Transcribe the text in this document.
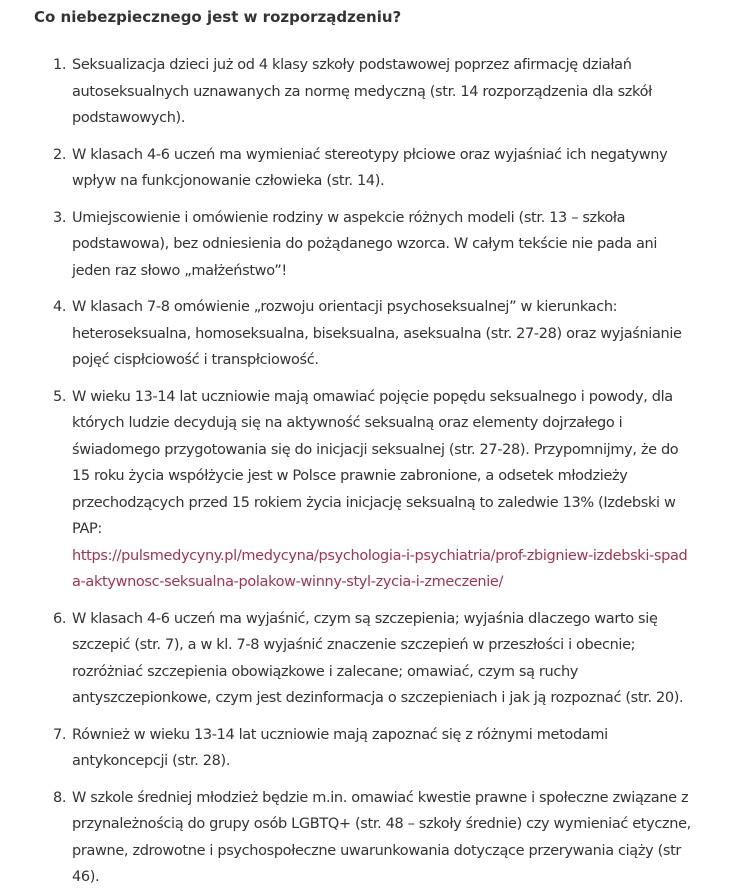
Co niebezpiecznego jest w rozporządzeniu?
1. Seksualizacja dzieci już od 4 klasy szkoły podstawowej poprzez afirmację działań autoseksualnych uznawanych za normę medyczną (str. 14 rozporządzenia dla szkół podstawowych).
2. W klasach 4-6 uczeń ma wymieniać stereotypy płciowe oraz wyjaśniać ich negatywny wpływ na funkcjonowanie człowieka (str. 14).
3. Umiejscowienie i omówienie rodziny w aspekcie różnych modeli (str. 13 – szkoła podstawowa), bez odniesienia do pożądanego wzorca. W całym tekście nie pada ani jeden raz słowo „małżeństwo”!
4. W klasach 7-8 omówienie „rozwoju orientacji psychoseksualnej” w kierunkach: heteroseksualna, homoseksualna, biseksualna, aseksualna (str. 27-28) oraz wyjaśnianie pojęć cispłciowość i transpłciowość.
5. W wieku 13-14 lat uczniowie mają omawiać pojęcie popędu seksualnego i powody, dla których ludzie decydują się na aktywność seksualną oraz elementy dojrzałego i świadomego przygotowania się do inicjacji seksualnej (str. 27-28). Przypomnijmy, że do 15 roku życia współżycie jest w Polsce prawnie zabronione, a odsetek młodzieży przechodzących przed 15 rokiem życia inicjację seksualną to zaledwie 13% (Izdebski w PAP:
https://pulsmedycyny.pl/medycyna/psychologia-i-psychiatria/prof-zbigniew-izdebski-spada-aktywnosc-seksualna-polakow-winny-styl-zycia-i-zmeczenie/
6. W klasach 4-6 uczeń ma wyjaśnić, czym są szczepienia; wyjaśnia dlaczego warto się szczepić (str. 7), a w kl. 7-8 wyjaśnić znaczenie szczepień w przeszłości i obecnie; rozróżniać szczepienia obowiązkowe i zalecane; omawiać, czym są ruchy antyszczepionkowe, czym jest dezinformacja o szczepieniach i jak ją rozpoznać (str. 20).
7. Również w wieku 13-14 lat uczniowie mają zapoznać się z różnymi metodami antykoncepcji (str. 28).
8. W szkole średniej młodzież będzie m.in. omawiać kwestie prawne i społeczne związane z przynależnością do grupy osób LGBTQ+ (str. 48 – szkoły średnie) czy wymieniać etyczne, prawne, zdrowotne i psychospołeczne uwarunkowania dotyczące przerywania ciąży (str 46).
